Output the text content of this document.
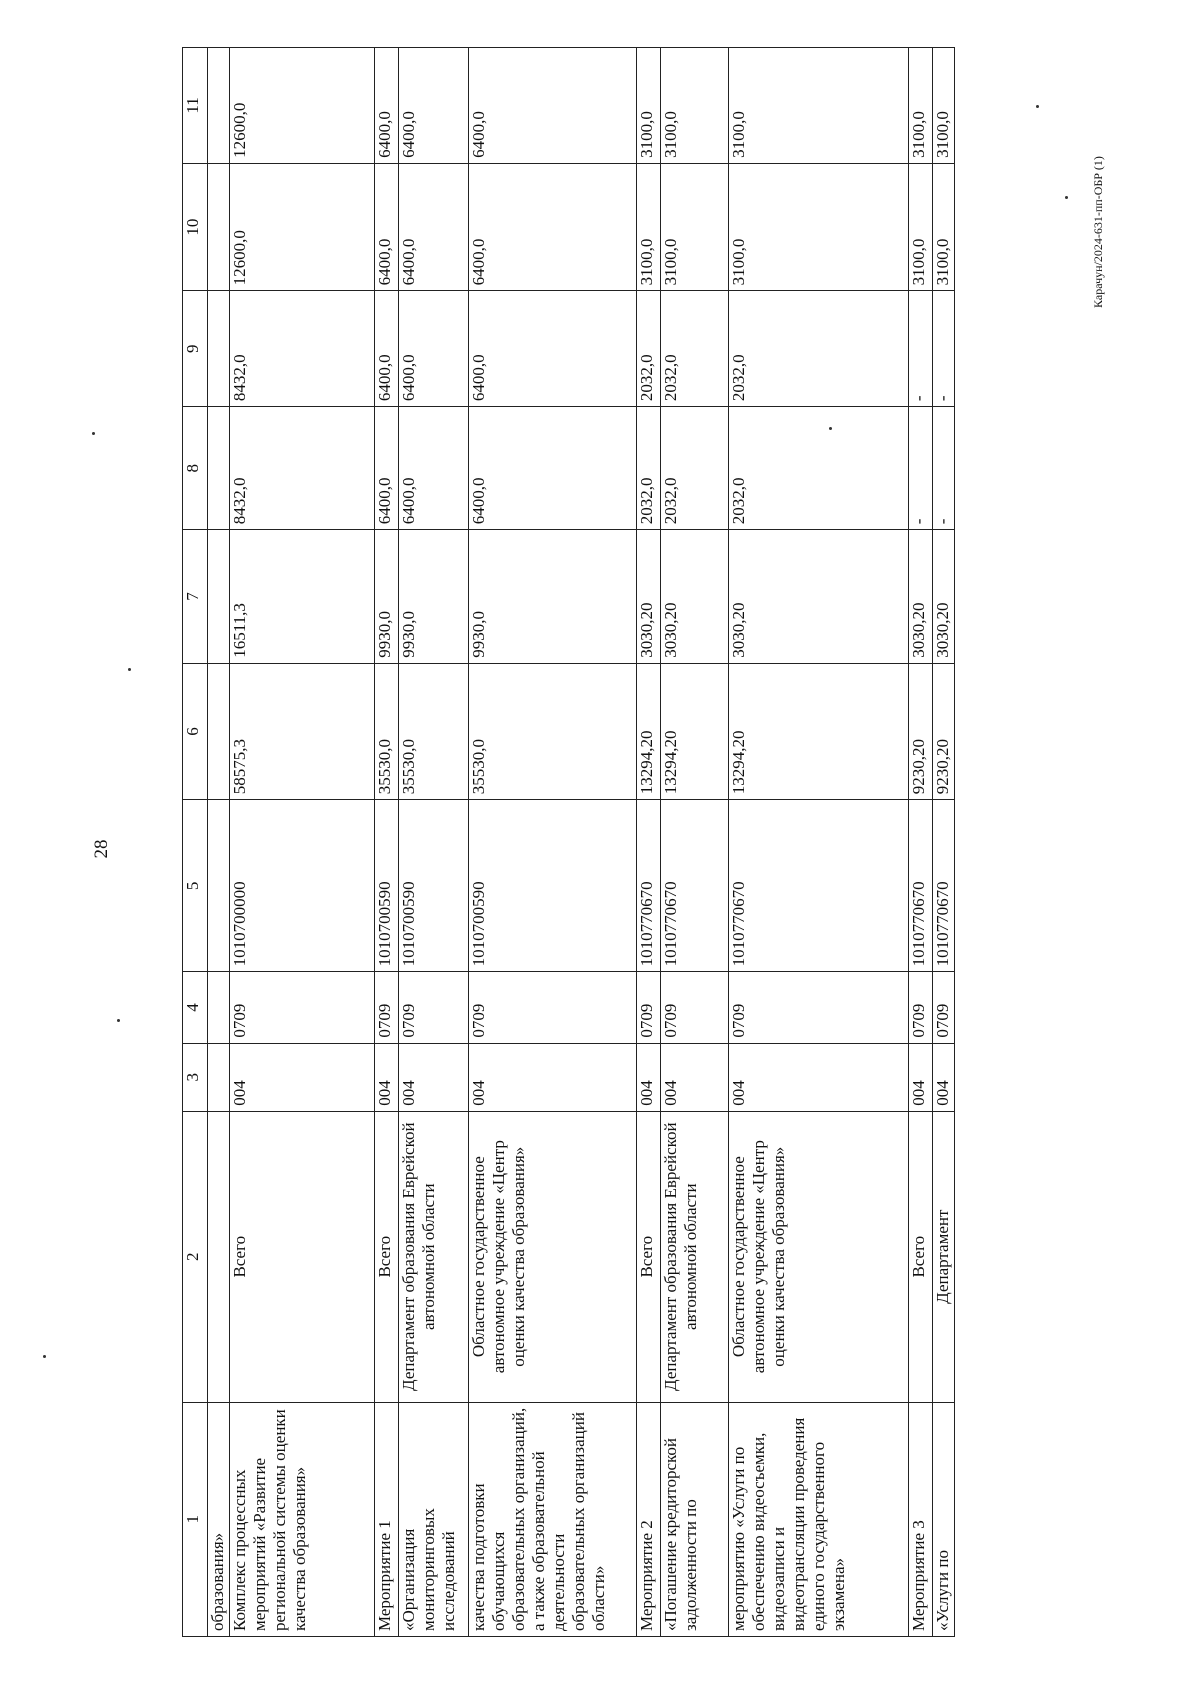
28
Карачун/2024-631-пп-ОБР (1)
1	2	3	4	5	6	7	8	9	10	11
образования»										
Комплекс процессных мероприятий «Развитие региональной системы оценки качества образования»	Всего	004	0709	1010700000	58575,3	16511,3	8432,0	8432,0	12600,0	12600,0
Мероприятие 1	Всего	004	0709	1010700590	35530,0	9930,0	6400,0	6400,0	6400,0	6400,0
«Организация мониторинговых исследований	Департамент образования Еврейской автономной области	004	0709	1010700590	35530,0	9930,0	6400,0	6400,0	6400,0	6400,0
качества подготовки обучающихся образовательных организаций, а также образовательной деятельности образовательных организаций области»	Областное государственное автономное учреждение «Центр оценки качества образования»	004	0709	1010700590	35530,0	9930,0	6400,0	6400,0	6400,0	6400,0
Мероприятие 2	Всего	004	0709	1010770670	13294,20	3030,20	2032,0	2032,0	3100,0	3100,0
«Погашение кредиторской задолженности по	Департамент образования Еврейской автономной области	004	0709	1010770670	13294,20	3030,20	2032,0	2032,0	3100,0	3100,0
мероприятию «Услуги по обеспечению видеосъемки, видеозаписи и видеотрансляции проведения единого государственного экзамена»	Областное государственное автономное учреждение «Центр оценки качества образования»	004	0709	1010770670	13294,20	3030,20	2032,0	2032,0	3100,0	3100,0
Мероприятие 3	Всего	004	0709	1010770670	9230,20	3030,20	-	-	3100,0	3100,0
«Услуги по	Департамент	004	0709	1010770670	9230,20	3030,20	-	-	3100,0	3100,0
